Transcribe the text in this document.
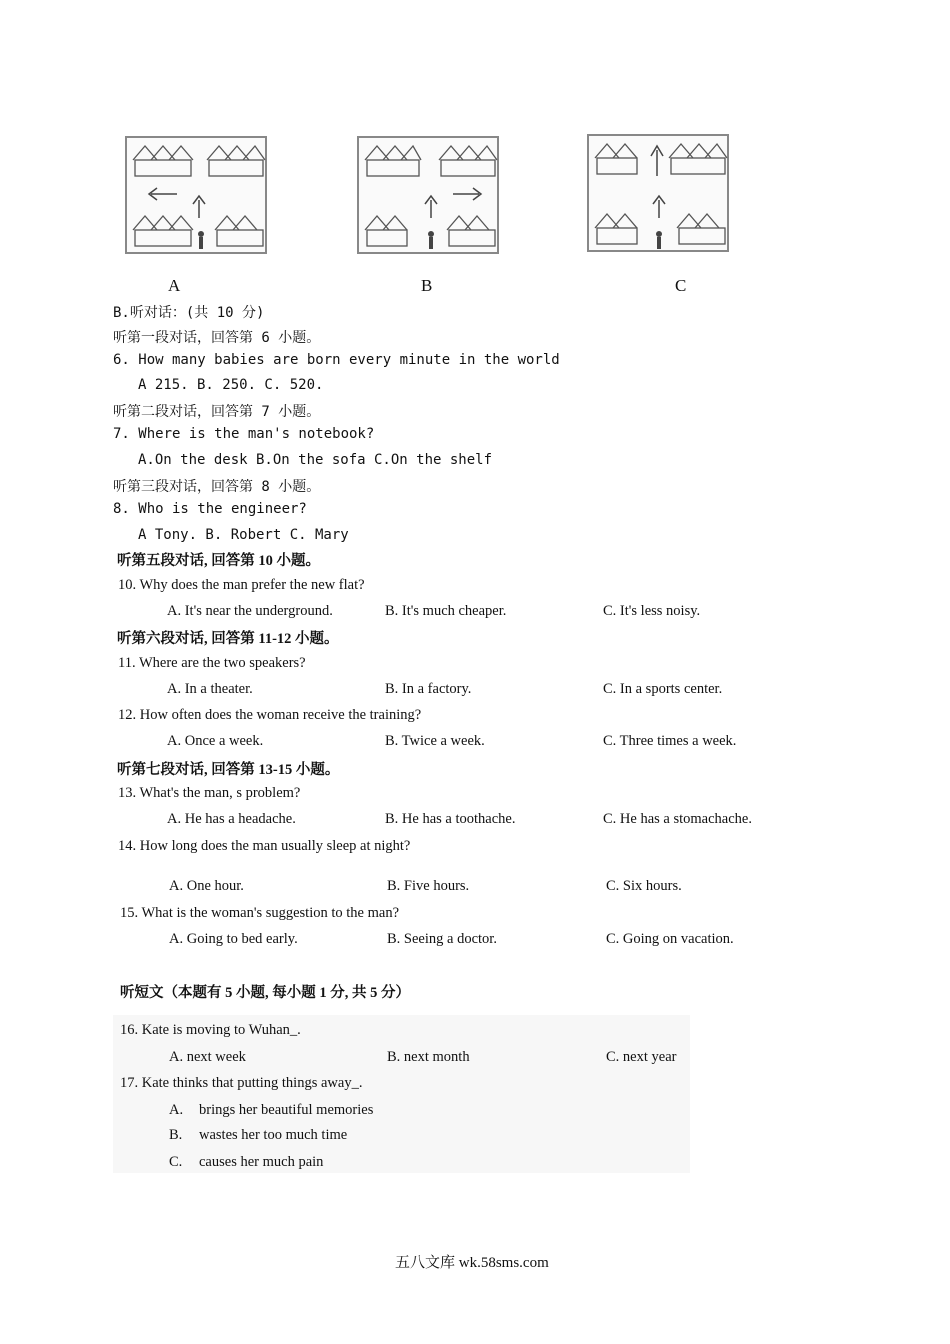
A	B	C
B.听对话：(共 10 分)
听第一段对话，回答第 6 小题。
6. How many babies are born every minute in the world
A 215. B. 250. C. 520.
听第二段对话，回答第 7 小题。
7. Where is the man's notebook?
A.On the desk B.On the sofa C.On the shelf
听第三段对话，回答第 8 小题。
8. Who is the engineer?
A Tony. B. Robert C. Mary
听第五段对话, 回答第 10 小题。
10. Why does the man prefer the new flat?
A. It's near the underground.	B. It's much cheaper.	C. It's less noisy.
听第六段对话, 回答第 11-12 小题。
11. Where are the two speakers?
A. In a theater.	B. In a factory.	C. In a sports center.
12. How often does the woman receive the training?
A. Once a week.	B. Twice a week.	C. Three times a week.
听第七段对话, 回答第 13-15 小题。
13. What's the man, s problem?
A. He has a headache.	B. He has a toothache.	C. He has a stomachache.
14. How long does the man usually sleep at night?
A. One hour.	B. Five hours.	C. Six hours.
15. What is the woman's suggestion to the man?
A. Going to bed early.	B. Seeing a doctor.	C. Going on vacation.
听短文（本题有 5 小题, 每小题 1 分, 共 5 分）
16. Kate is moving to Wuhan_.
A. next week	B. next month	C. next year
17. Kate thinks that putting things away_.
A. brings her beautiful memories
B. wastes her too much time
C. causes her much pain
五八文库 wk.58sms.com
